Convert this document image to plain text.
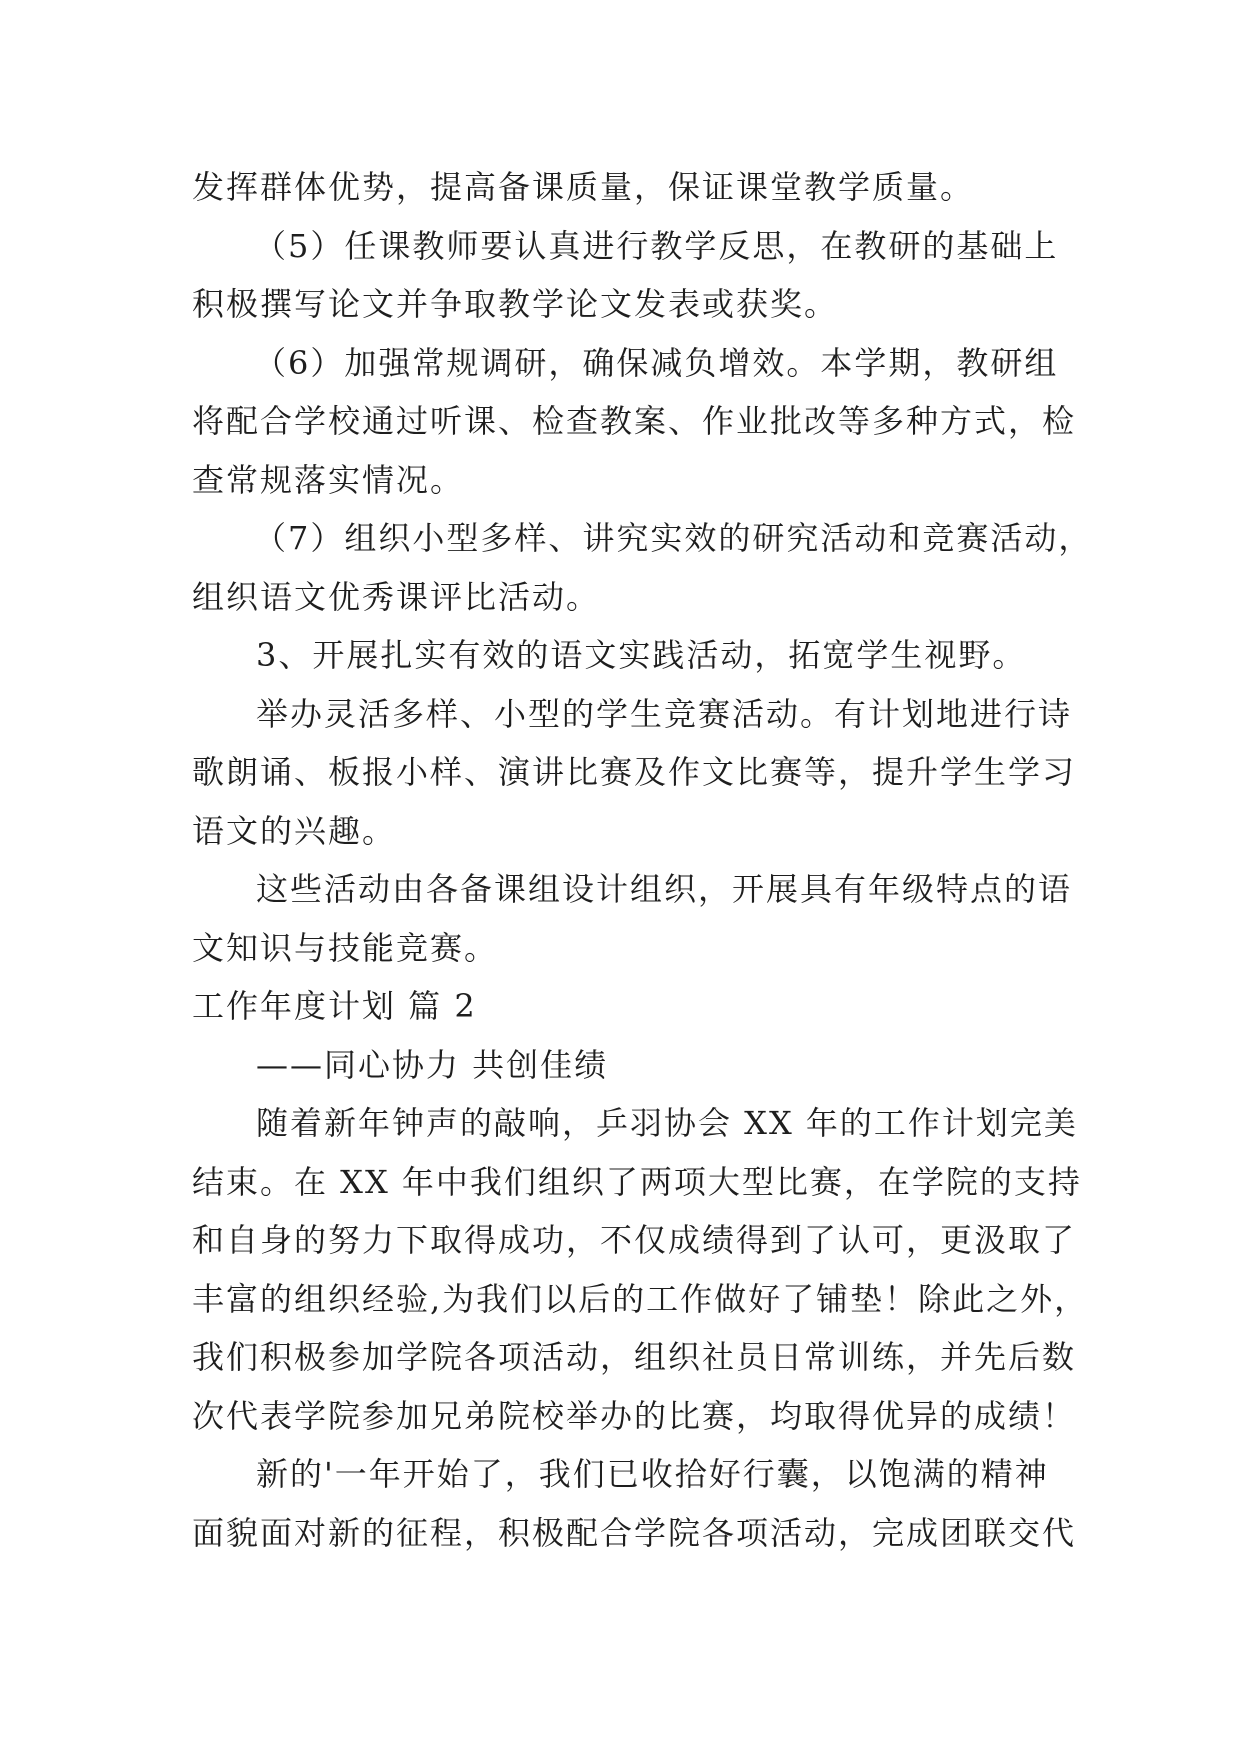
发挥群体优势，提高备课质量，保证课堂教学质量。
（5）任课教师要认真进行教学反思，在教研的基础上
积极撰写论文并争取教学论文发表或获奖。
（6）加强常规调研，确保减负增效。本学期，教研组
将配合学校通过听课、检查教案、作业批改等多种方式，检
查常规落实情况。
（7）组织小型多样、讲究实效的研究活动和竞赛活动，
组织语文优秀课评比活动。
3、开展扎实有效的语文实践活动，拓宽学生视野。
举办灵活多样、小型的学生竞赛活动。有计划地进行诗
歌朗诵、板报小样、演讲比赛及作文比赛等，提升学生学习
语文的兴趣。
这些活动由各备课组设计组织，开展具有年级特点的语
文知识与技能竞赛。
工作年度计划 篇 2
——同心协力 共创佳绩
随着新年钟声的敲响，乒羽协会 XX 年的工作计划完美
结束。在 XX 年中我们组织了两项大型比赛，在学院的支持
和自身的努力下取得成功，不仅成绩得到了认可，更汲取了
丰富的组织经验,为我们以后的工作做好了铺垫！除此之外，
我们积极参加学院各项活动，组织社员日常训练，并先后数
次代表学院参加兄弟院校举办的比赛，均取得优异的成绩！
新的'一年开始了，我们已收拾好行囊，以饱满的精神
面貌面对新的征程，积极配合学院各项活动，完成团联交代
